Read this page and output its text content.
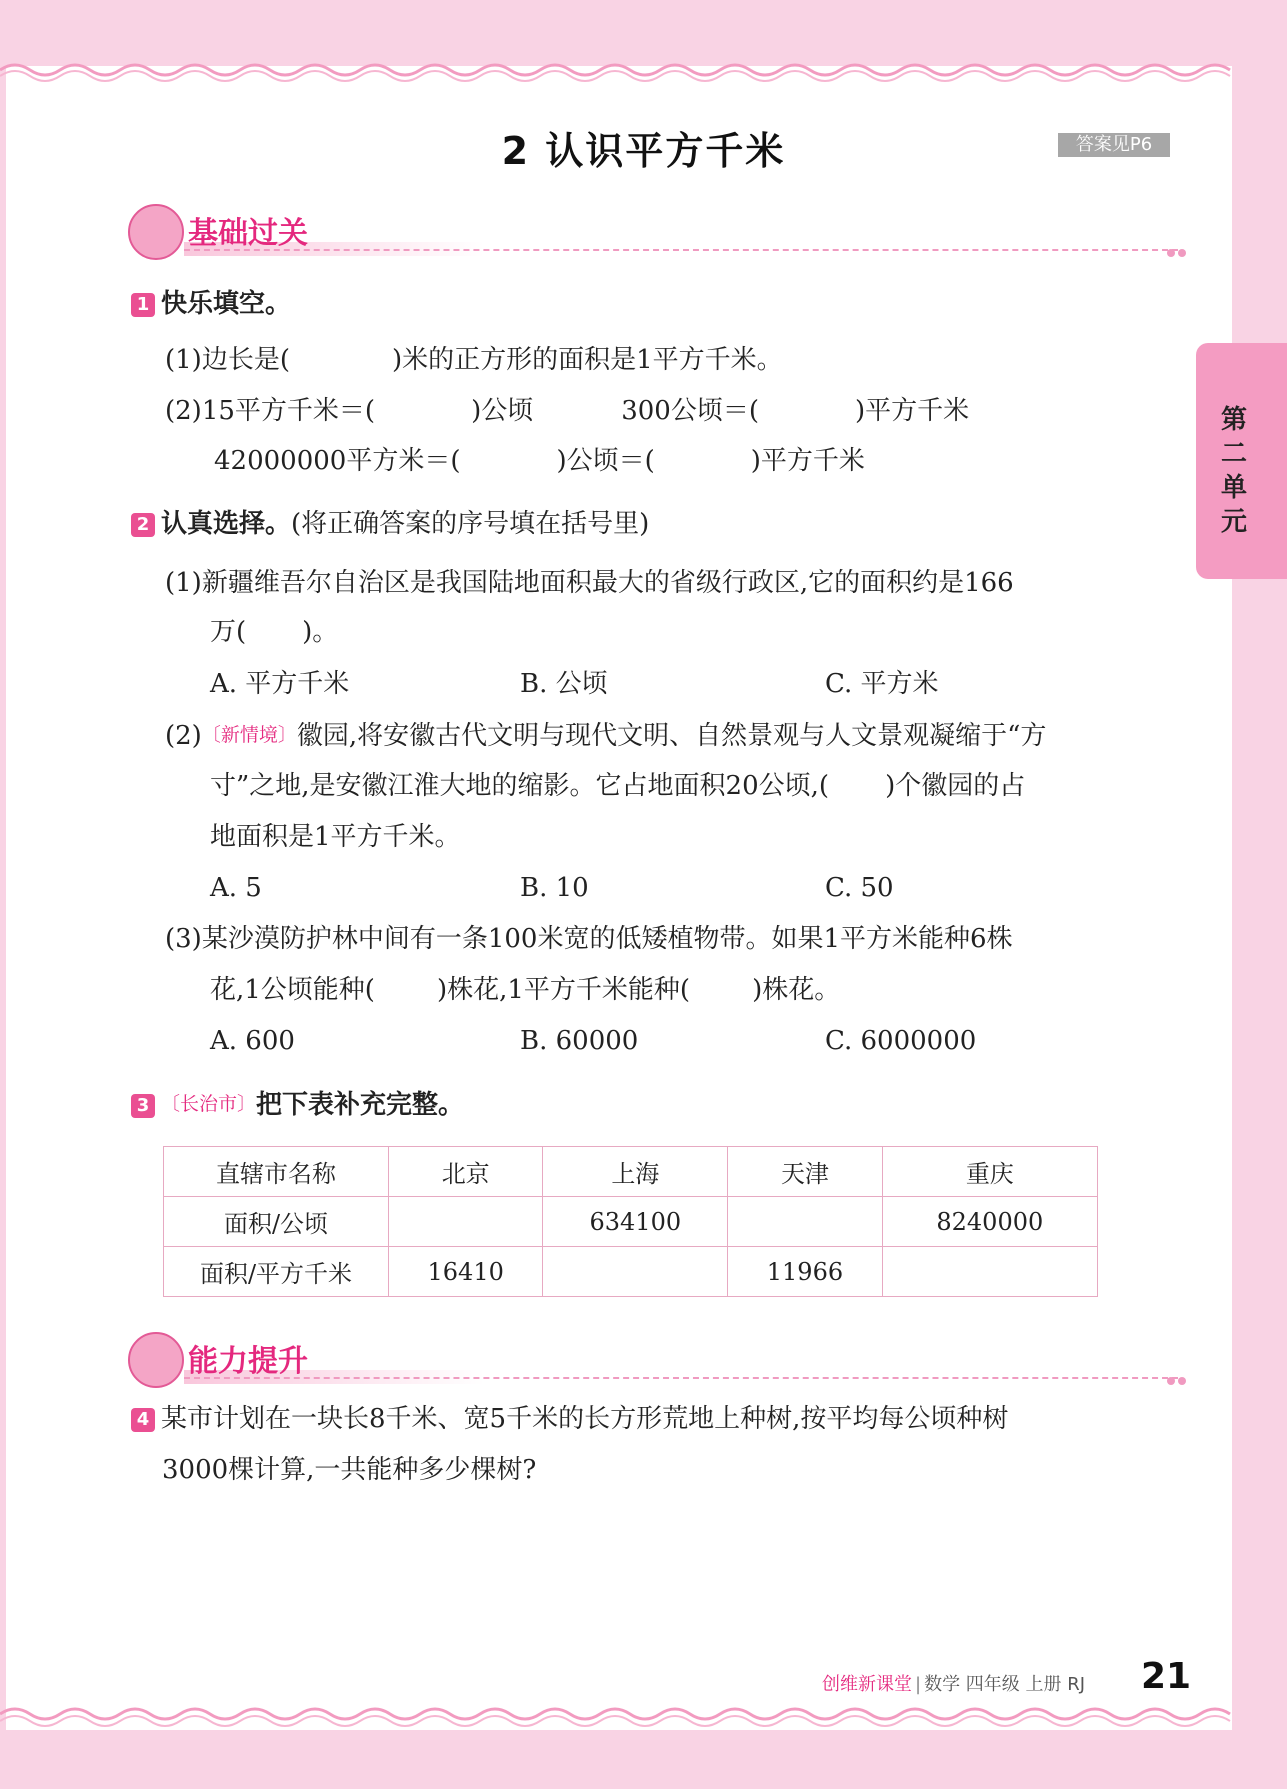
2 认识平方千米	答案见P6
第二单元
基础过关
1 快乐填空。
(1)边长是(	)米的正方形的面积是1平方千米。
(2)15平方千米＝(	)公顷	300公顷＝(	)平方千米
42000000平方米＝(	)公顷＝(	)平方千米
2 认真选择。(将正确答案的序号填在括号里)
(1)新疆维吾尔自治区是我国陆地面积最大的省级行政区,它的面积约是166
万( )。
A. 平方千米	B. 公顷	C. 平方米
(2)〔新情境〕徽园,将安徽古代文明与现代文明、自然景观与人文景观凝缩于“方
寸”之地,是安徽江淮大地的缩影。它占地面积20公顷,( )个徽园的占
地面积是1平方千米。
A. 5	B. 10	C. 50
(3)某沙漠防护林中间有一条100米宽的低矮植物带。如果1平方米能种6株
花,1公顷能种( )株花,1平方千米能种( )株花。
A. 600	B. 60000	C. 6000000
3 〔长治市〕把下表补充完整。
直辖市名称	北京	上海	天津	重庆
面积/公顷		634100		8240000
面积/平方千米	16410		11966	
能力提升
4 某市计划在一块长8千米、宽5千米的长方形荒地上种树,按平均每公顷种树
3000棵计算,一共能种多少棵树?
创维新课堂 | 数学 四年级 上册 RJ 21
